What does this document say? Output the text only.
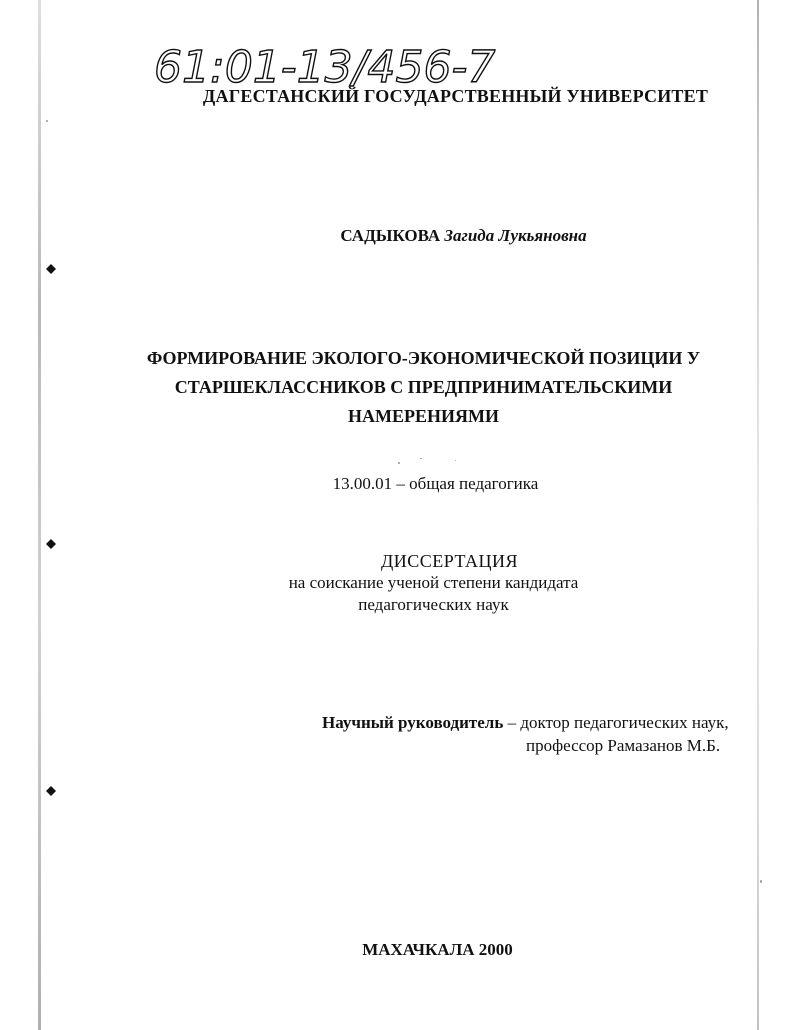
61:01-13/456-7
ДАГЕСТАНСКИЙ ГОСУДАРСТВЕННЫЙ УНИВЕРСИТЕТ
САДЫКОВА Загида Лукьяновна
ФОРМИРОВАНИЕ ЭКОЛОГО-ЭКОНОМИЧЕСКОЙ ПОЗИЦИИ У
СТАРШЕКЛАССНИКОВ С ПРЕДПРИНИМАТЕЛЬСКИМИ
НАМЕРЕНИЯМИ
13.00.01 – общая педагогика
ДИССЕРТАЦИЯ
на соискание ученой степени кандидата
педагогических наук
Научный руководитель – доктор педагогических наук,
профессор Рамазанов М.Б.
МАХАЧКАЛА 2000
